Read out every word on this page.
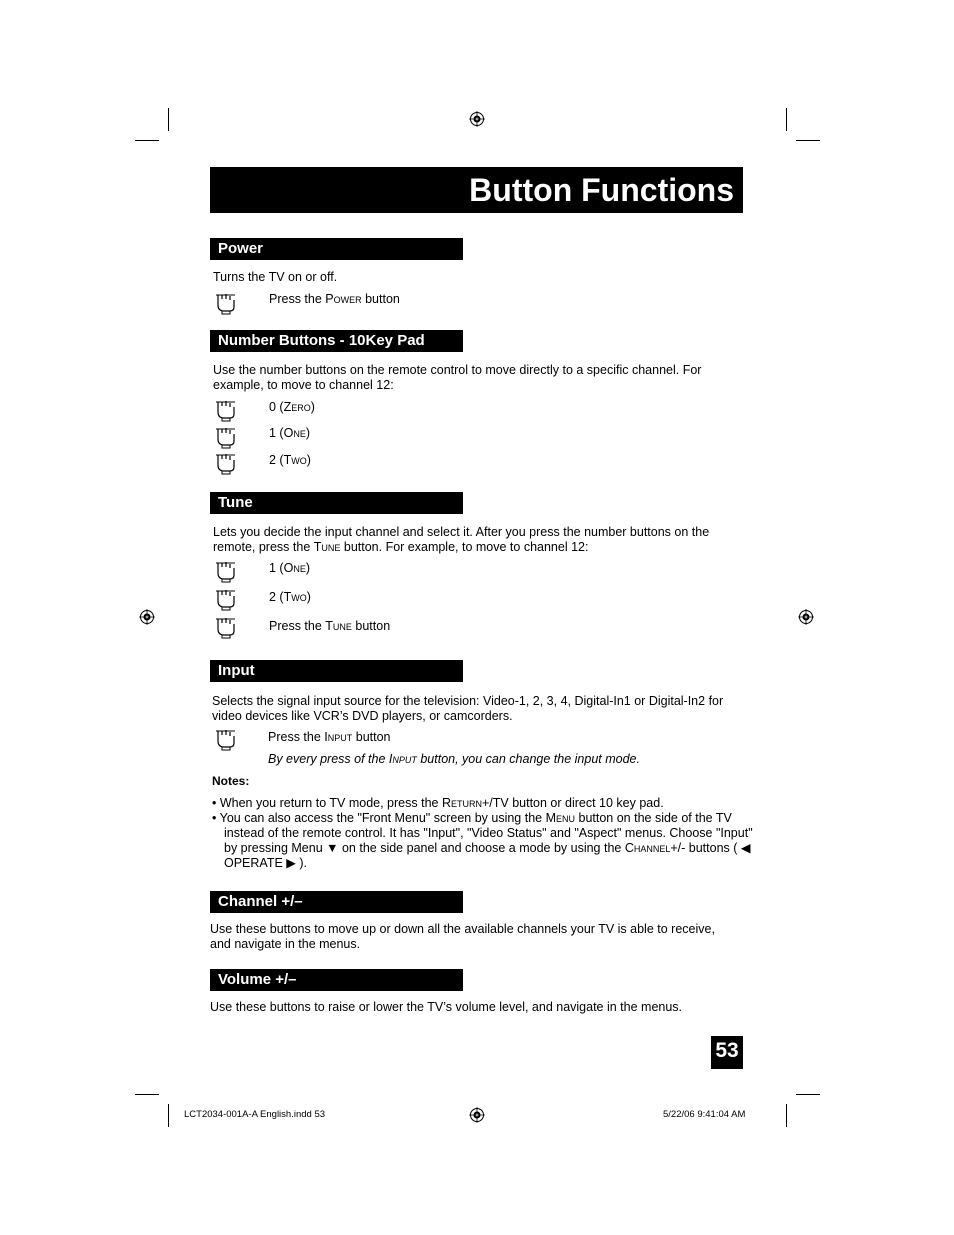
Button Functions
Power
Turns the TV on or off.
Press the Power button
Number Buttons - 10Key Pad
Use the number buttons on the remote control to move directly to a specific channel. For
example, to move to channel 12:
0 (Zero)
1 (One)
2 (Two)
Tune
Lets you decide the input channel and select it. After you press the number buttons on the
remote, press the Tune button. For example, to move to channel 12:
1 (One)
2 (Two)
Press the Tune button
Input
Selects the signal input source for the television: Video-1, 2, 3, 4, Digital-In1 or Digital-In2 for
video devices like VCR’s DVD players, or camcorders.
Press the Input button
By every press of the Input button, you can change the input mode.
Notes:
• When you return to TV mode, press the Return+/TV button or direct 10 key pad.
• You can also access the "Front Menu" screen by using the Menu button on the side of the TV instead of the remote control. It has "Input", "Video Status" and "Aspect" menus. Choose "Input" by pressing Menu ▼ on the side panel and choose a mode by using the Channel+/- buttons ( ◀ OPERATE ▶ ).
Channel +/–
Use these buttons to move up or down all the available channels your TV is able to receive,
and navigate in the menus.
Volume +/–
Use these buttons to raise or lower the TV’s volume level, and navigate in the menus.
53
LCT2034-001A-A English.indd 53	5/22/06 9:41:04 AM
